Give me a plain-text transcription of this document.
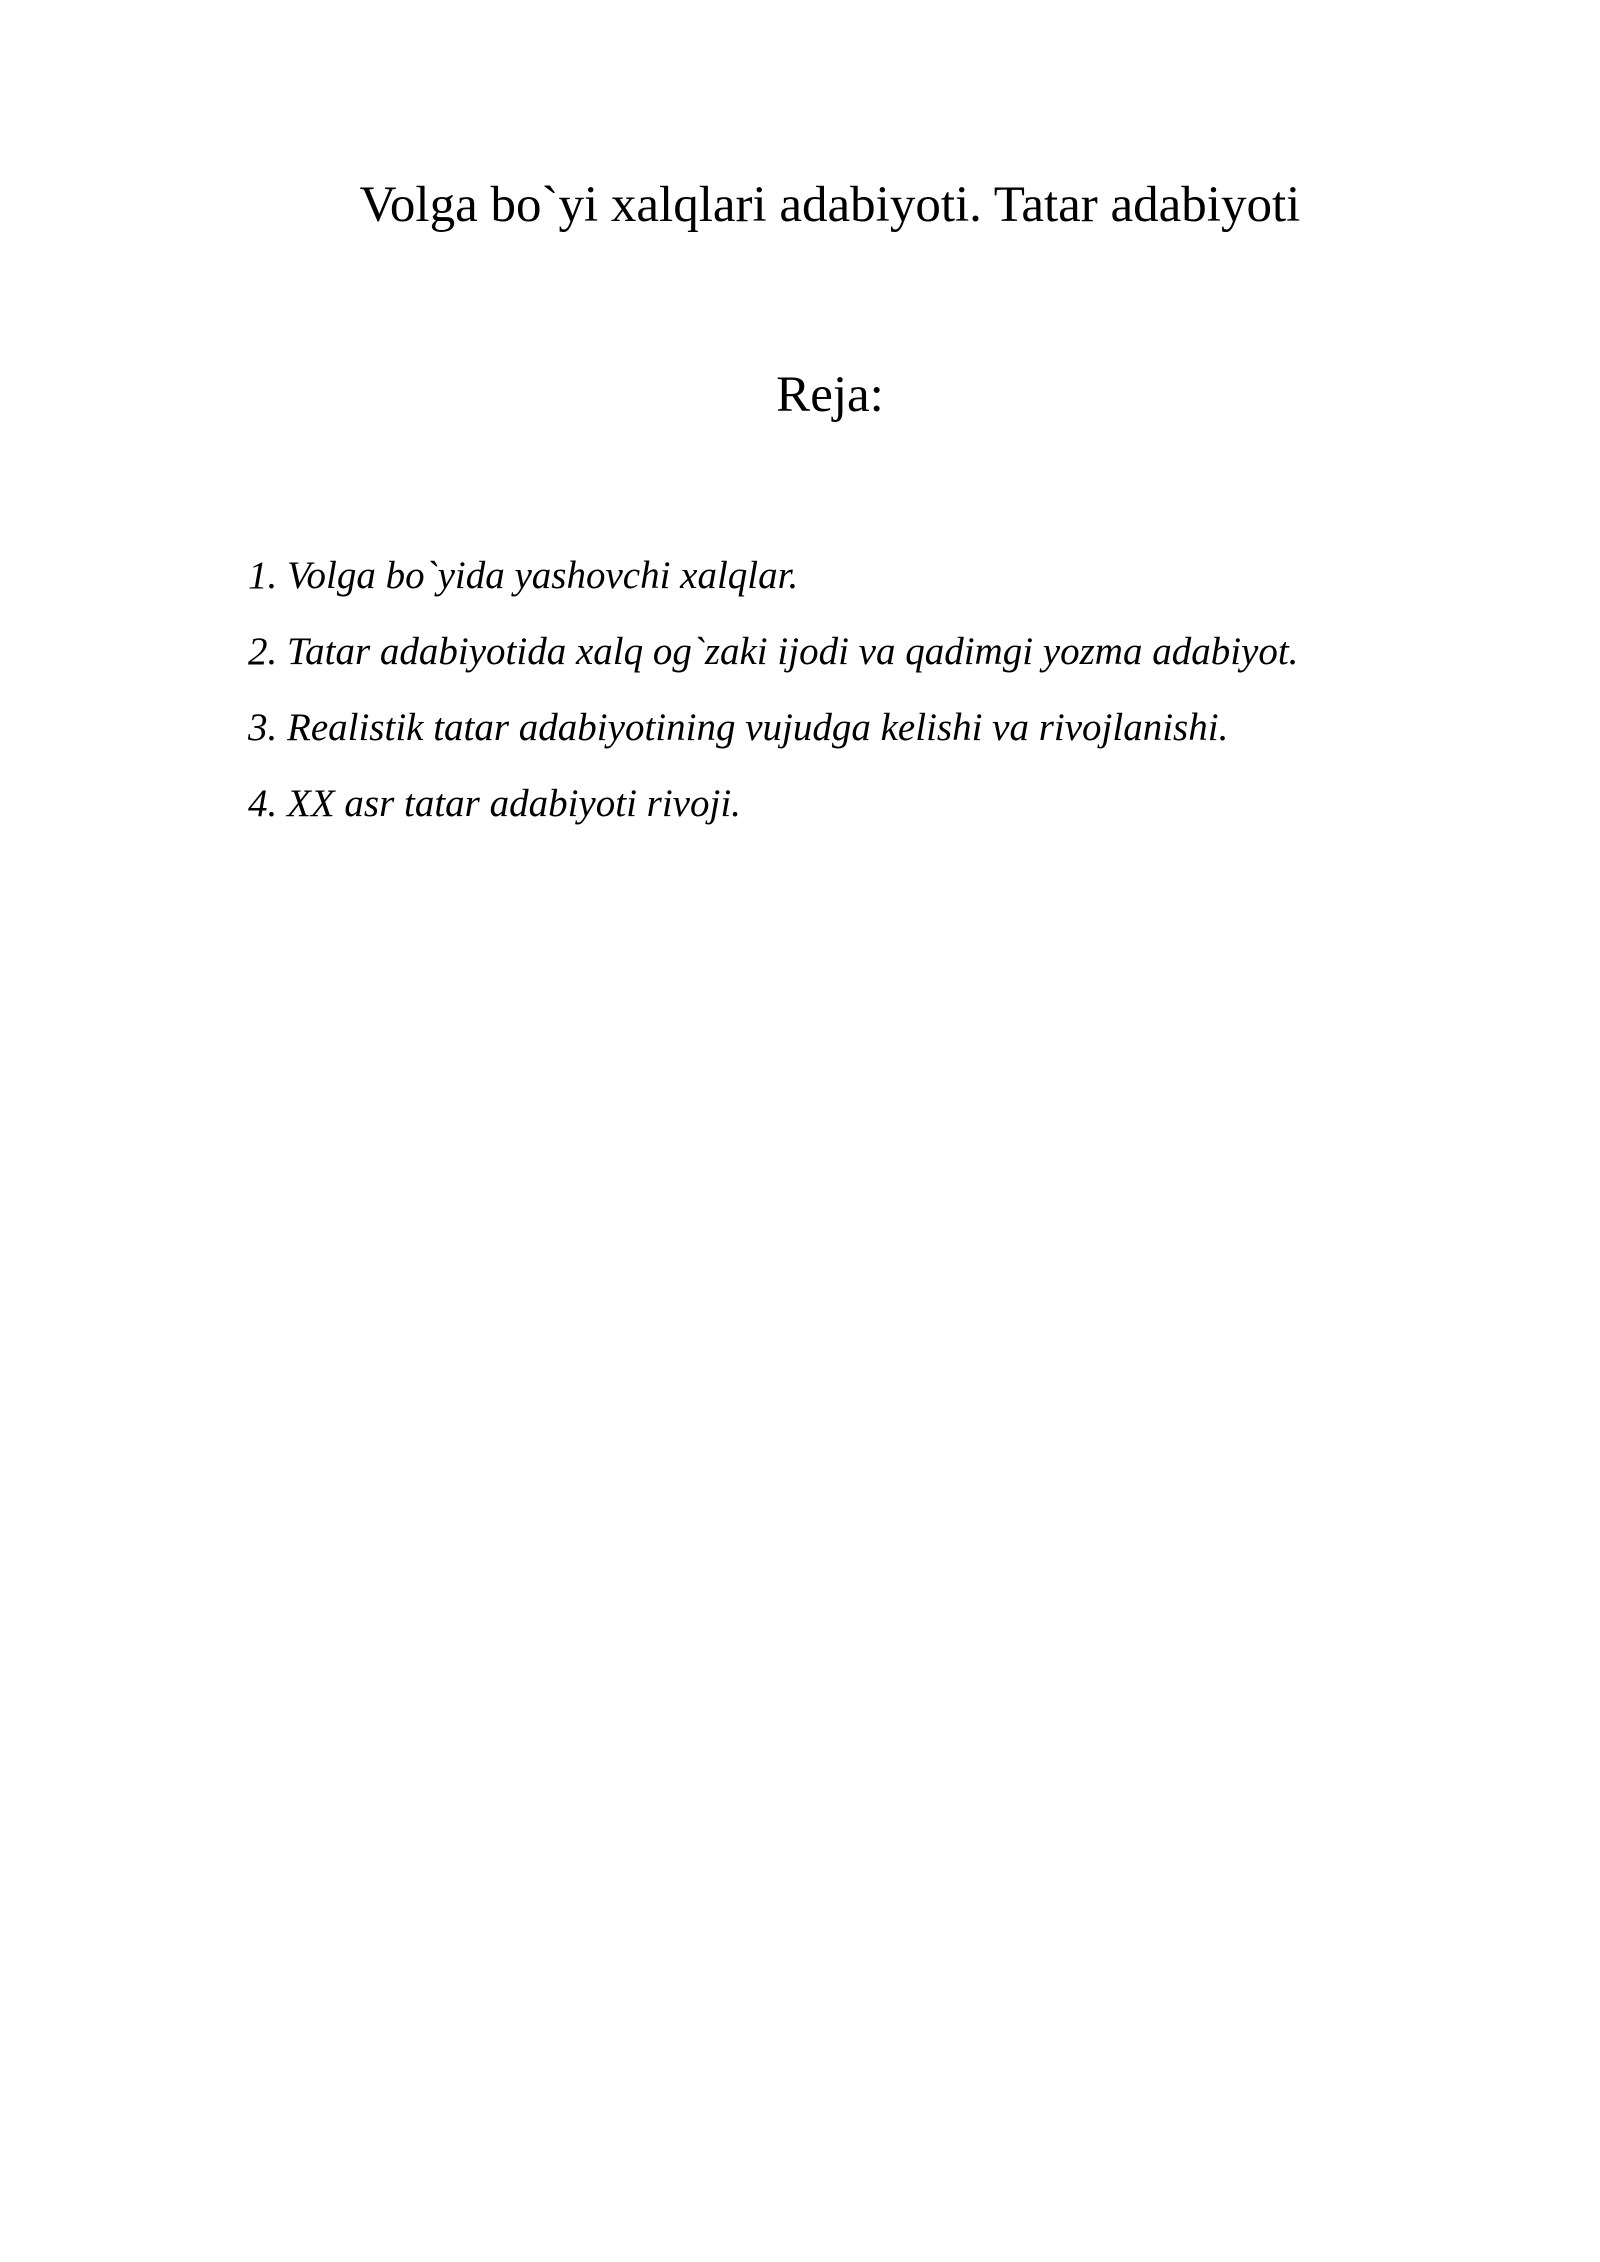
Volga bo`yi xalqlari adabiyoti. Tatar adabiyoti
Reja:
1. Volga bo`yida yashovchi xalqlar.
2. Tatar adabiyotida xalq og`zaki ijodi va qadimgi yozma adabiyot.
3. Realistik tatar adabiyotining vujudga kelishi va rivojlanishi.
4. XX asr tatar adabiyoti rivoji.
